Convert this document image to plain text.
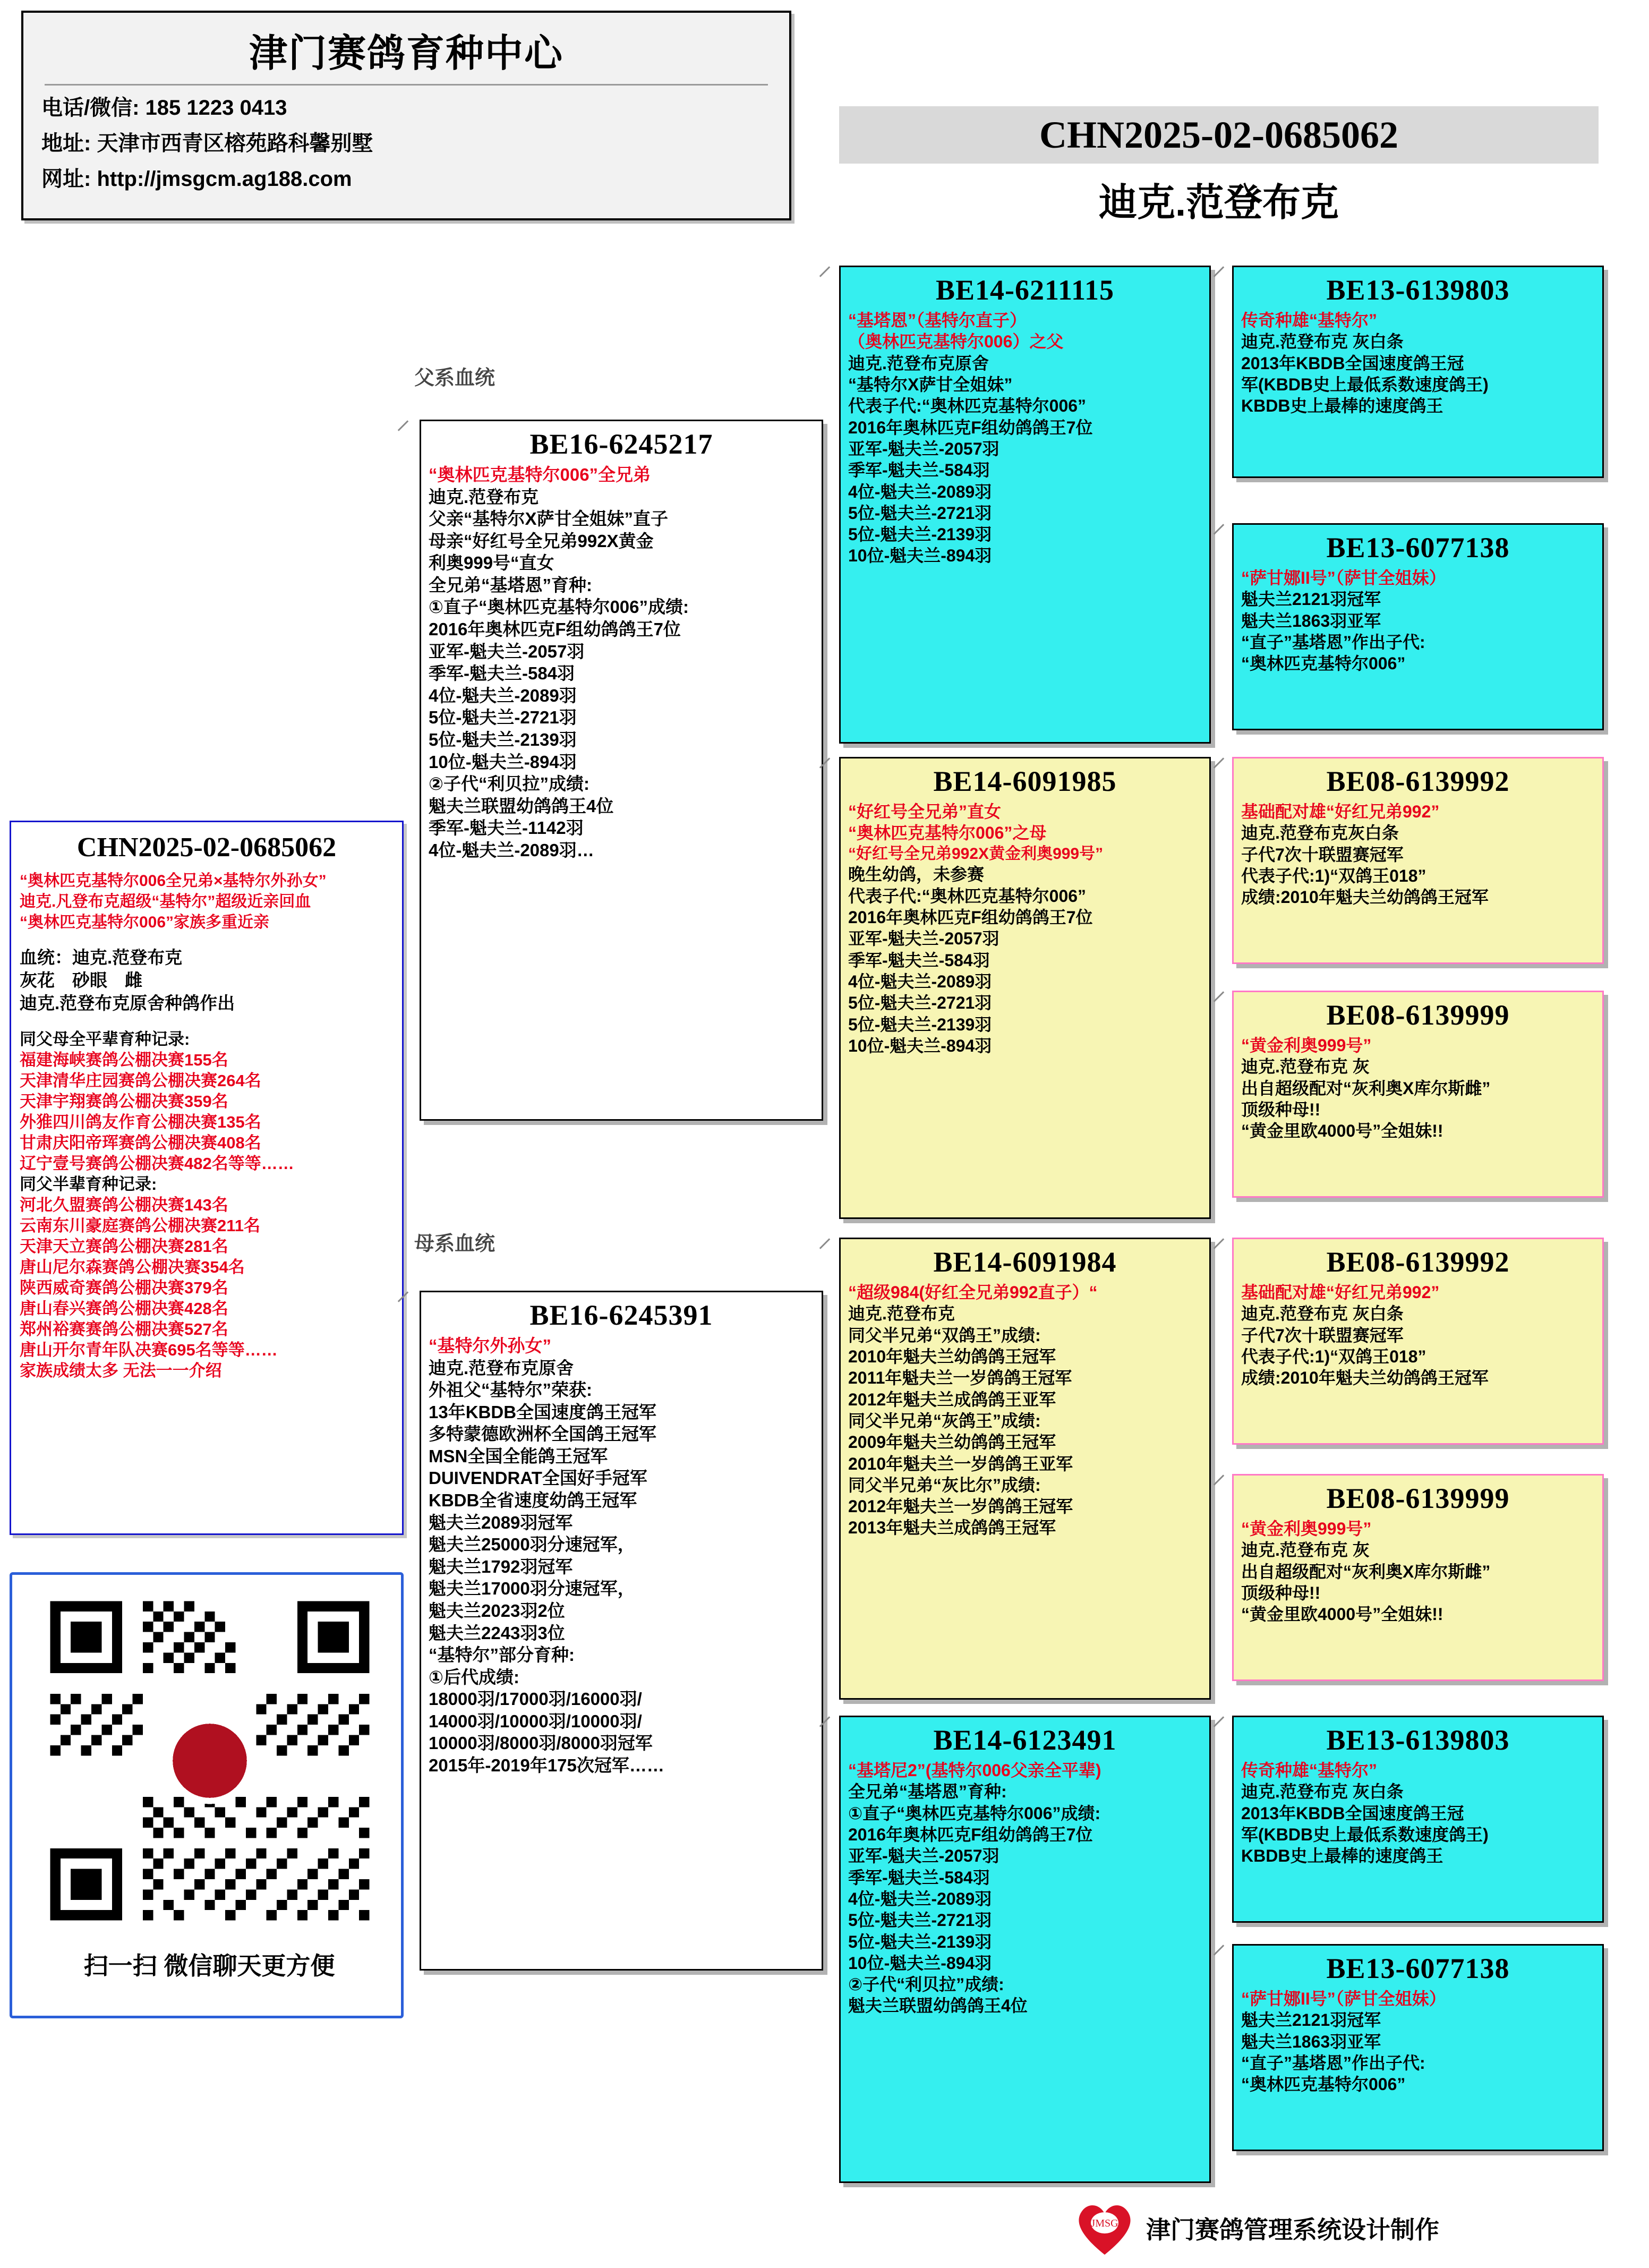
津门赛鸽育种中心
电话/微信: 185 1223 0413
地址: 天津市西青区榕苑路科馨别墅
网址: http://jmsgcm.ag188.com
CHN2025-02-0685062
迪克.范登布克
父系血统
母系血统
CHN2025-02-0685062
“奥林匹克基特尔006全兄弟×基特尔外孙女”
迪克.凡登布克超级“基特尔”超级近亲回血
“奥林匹克基特尔006”家族多重近亲
血统：迪克.范登布克
灰花　砂眼　雌
迪克.范登布克原舍种鸽作出
同父母全平辈育种记录:
福建海峡赛鸽公棚决赛155名
天津清华庄园赛鸽公棚决赛264名
天津宇翔赛鸽公棚决赛359名
外猚四川鸽友作育公棚决赛135名
甘肃庆阳帝珲赛鸽公棚决赛408名
辽宁壹号赛鸽公棚决赛482名等等……
同父半辈育种记录:
河北久盟赛鸽公棚决赛143名
云南东川豪庭赛鸽公棚决赛211名
天津天立赛鸽公棚决赛281名
唐山尼尔森赛鸽公棚决赛354名
陕西威奇赛鸽公棚决赛379名
唐山春兴赛鸽公棚决赛428名
郑州裕赛赛鸽公棚决赛527名
唐山开尔青年队决赛695名等等……
家族成绩太多 无法一一介绍
扫一扫 微信聊天更方便
BE16-6245217
“奥林匹克基特尔006”全兄弟
迪克.范登布克
父亲“基特尔X萨甘全姐妹”直子
母亲“好红号全兄弟992X黄金
利奥999号“直女
全兄弟“基塔恩”育种:
①直子“奥林匹克基特尔006”成绩:
2016年奥林匹克F组幼鸽鸽王7位
亚军-魁夫兰-2057羽
季军-魁夫兰-584羽
4位-魁夫兰-2089羽
5位-魁夫兰-2721羽
5位-魁夫兰-2139羽
10位-魁夫兰-894羽
②子代“利贝拉”成绩:
魁夫兰联盟幼鸽鸽王4位
季军-魁夫兰-1142羽
4位-魁夫兰-2089羽…
BE16-6245391
“基特尔外孙女”
迪克.范登布克原舍
外祖父“基特尔”荣获:
13年KBDB全国速度鸽王冠军
多特蒙德欧洲杯全国鸽王冠军
MSN全国全能鸽王冠军
DUIVENDRAT全国好手冠军
KBDB全省速度幼鸽王冠军
魁夫兰2089羽冠军
魁夫兰25000羽分速冠军，
魁夫兰1792羽冠军
魁夫兰17000羽分速冠军，
魁夫兰2023羽2位
魁夫兰2243羽3位
“基特尔”部分育种:
①后代成绩:
18000羽/17000羽/16000羽/
14000羽/10000羽/10000羽/
10000羽/8000羽/8000羽冠军
2015年-2019年175次冠军……
BE14-6211115
“基塔恩”（基特尔直子）
（奥林匹克基特尔006）之父
迪克.范登布克原舍
“基特尔X萨甘全姐妹”
代表子代:“奥林匹克基特尔006”
2016年奥林匹克F组幼鸽鸽王7位
亚军-魁夫兰-2057羽
季军-魁夫兰-584羽
4位-魁夫兰-2089羽
5位-魁夫兰-2721羽
5位-魁夫兰-2139羽
10位-魁夫兰-894羽
BE14-6091985
“好红号全兄弟”直女
“奥林匹克基特尔006”之母
“好红号全兄弟992X黄金利奥999号”
晚生幼鸽，未参赛
代表子代:“奥林匹克基特尔006”
2016年奥林匹克F组幼鸽鸽王7位
亚军-魁夫兰-2057羽
季军-魁夫兰-584羽
4位-魁夫兰-2089羽
5位-魁夫兰-2721羽
5位-魁夫兰-2139羽
10位-魁夫兰-894羽
BE14-6091984
“超级984(好红全兄弟992直子）“
迪克.范登布克
同父半兄弟“双鸽王”成绩:
2010年魁夫兰幼鸽鸽王冠军
2011年魁夫兰一岁鸽鸽王冠军
2012年魁夫兰成鸽鸽王亚军
同父半兄弟“灰鸽王”成绩:
2009年魁夫兰幼鸽鸽王冠军
2010年魁夫兰一岁鸽鸽王亚军
同父半兄弟“灰比尔”成绩:
2012年魁夫兰一岁鸽鸽王冠军
2013年魁夫兰成鸽鸽王冠军
BE14-6123491
“基塔尼2”(基特尔006父亲全平辈)
全兄弟“基塔恩”育种:
①直子“奥林匹克基特尔006”成绩:
2016年奥林匹克F组幼鸽鸽王7位
亚军-魁夫兰-2057羽
季军-魁夫兰-584羽
4位-魁夫兰-2089羽
5位-魁夫兰-2721羽
5位-魁夫兰-2139羽
10位-魁夫兰-894羽
②子代“利贝拉”成绩:
魁夫兰联盟幼鸽鸽王4位
BE13-6139803
传奇种雄“基特尔”
迪克.范登布克 灰白条
2013年KBDB全国速度鸽王冠
军(KBDB史上最低系数速度鸽王)
KBDB史上最棒的速度鸽王
BE13-6077138
“萨甘娜II号”（萨甘全姐妹）
魁夫兰2121羽冠军
魁夫兰1863羽亚军
“直子”基塔恩”作出子代:
“奥林匹克基特尔006”
BE08-6139992
基础配对雄“好红兄弟992”
迪克.范登布克灰白条
子代7次十联盟赛冠军
代表子代:1)“双鸽王018”
成绩:2010年魁夫兰幼鸽鸽王冠军
BE08-6139999
“黄金利奥999号”
迪克.范登布克 灰
出自超级配对“灰利奥X库尔斯雌”
顶级种母!!
“黄金里欧4000号”全姐妹!!
BE08-6139992
基础配对雄“好红兄弟992”
迪克.范登布克 灰白条
子代7次十联盟赛冠军
代表子代:1)“双鸽王018”
成绩:2010年魁夫兰幼鸽鸽王冠军
BE08-6139999
“黄金利奥999号”
迪克.范登布克 灰
出自超级配对“灰利奥X库尔斯雌”
顶级种母!!
“黄金里欧4000号”全姐妹!!
BE13-6139803
传奇种雄“基特尔”
迪克.范登布克 灰白条
2013年KBDB全国速度鸽王冠
军(KBDB史上最低系数速度鸽王)
KBDB史上最棒的速度鸽王
BE13-6077138
“萨甘娜II号”（萨甘全姐妹）
魁夫兰2121羽冠军
魁夫兰1863羽亚军
“直子”基塔恩”作出子代:
“奥林匹克基特尔006”
JMSG 津门赛鸽管理系统设计制作
